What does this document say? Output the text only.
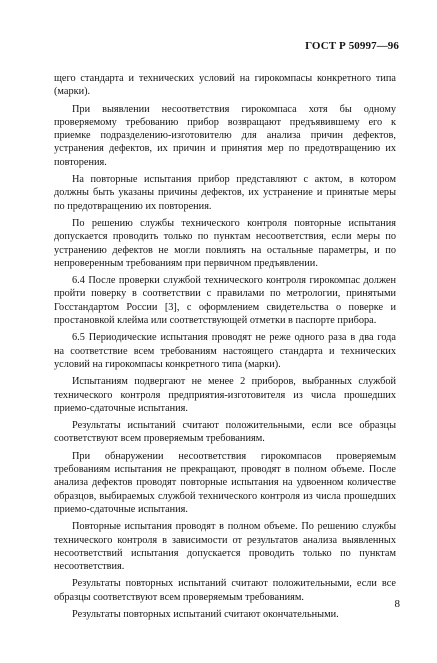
ГОСТ Р 50997—96

щего стандарта и технических условий на гирокомпасы конкретного типа (марки).

При выявлении несоответствия гирокомпаса хотя бы одному проверяемому требованию прибор возвращают предъявившему его к приемке подразделению-изготовителю для анализа причин дефектов, устранения дефектов, их причин и принятия мер по предотвращению их повторения.

На повторные испытания прибор представляют с актом, в котором должны быть указаны причины дефектов, их устранение и принятые меры по предотвращению их повторения.

По решению службы технического контроля повторные испытания допускается проводить только по пунктам несоответствия, если меры по устранению дефектов не могли повлиять на остальные параметры, и по непроверенным требованиям при первичном предъявлении.

6.4 После проверки службой технического контроля гирокомпас должен пройти поверку в соответствии с правилами по метрологии, принятыми Госстандартом России [3], с оформлением свидетельства о поверке и простановкой клейма или соответствующей отметки в паспорте прибора.

6.5 Периодические испытания проводят не реже одного раза в два года на соответствие всем требованиям настоящего стандарта и технических условий на гирокомпасы конкретного типа (марки).

Испытаниям подвергают не менее 2 приборов, выбранных службой технического контроля предприятия-изготовителя из числа прошедших приемо-сдаточные испытания.

Результаты испытаний считают положительными, если все образцы соответствуют всем проверяемым требованиям.

При обнаружении несоответствия гирокомпасов проверяемым требованиям испытания не прекращают, проводят в полном объеме. После анализа дефектов проводят повторные испытания на удвоенном количестве образцов, выбираемых службой технического контроля из числа прошедших приемо-сдаточные испытания.

Повторные испытания проводят в полном объеме. По решению службы технического контроля в зависимости от результатов анализа выявленных несоответствий испытания допускается проводить только по пунктам несоответствия.

Результаты повторных испытаний считают положительными, если все образцы соответствуют всем проверяемым требованиям.

Результаты повторных испытаний считают окончательными.

8
